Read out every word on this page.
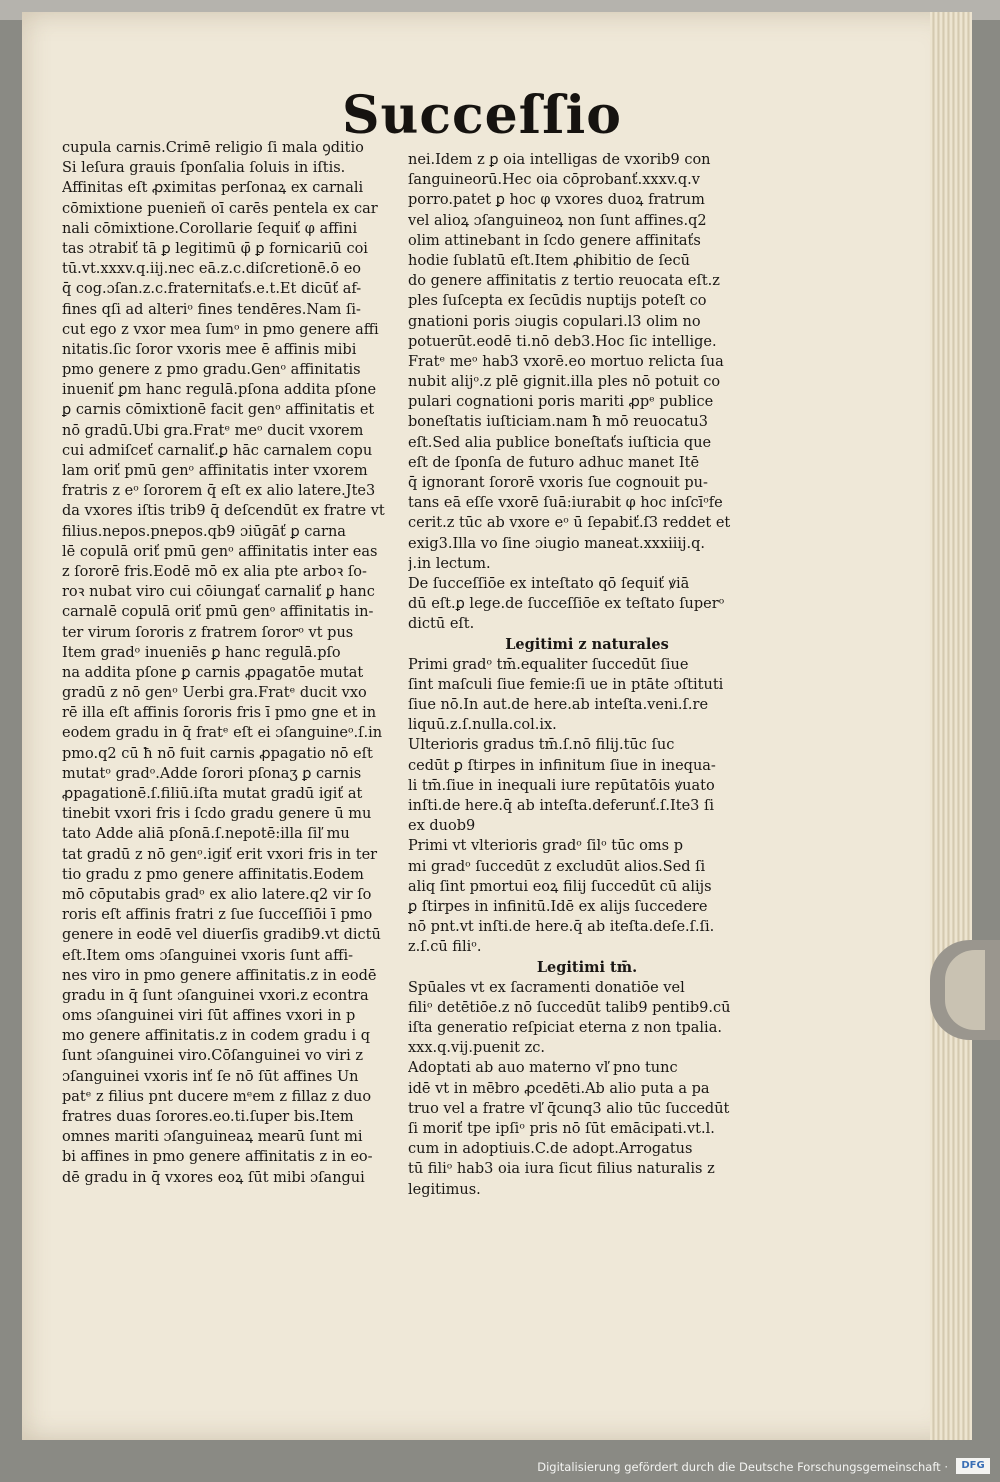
Succeſſio
cupula carnis.Crimē religio ſi mala ꝯditio
Si leſura grauis ſponſalia ſoluis in iſtis.
Affinitas eſt ꝓximitas perſonaꝝ ex carnali
cōmixtione puenieñ oī carēs pentela ex car
nali cōmixtione.Corollarie ſequiť φ affini
tas ɔtrabiť tā ꝑ legitimū φ̄ ꝑ fornicariū coi
tū.vt.xxxv.q.iij.nec eā.z.c.diſcretionē.ō eo
q̄ cog.ɔſan.z.c.fraternitaťs.e.t.Et dicūť af-
fines qſi ad alteriᵒ fines tendēres.Nam ſi-
cut ego z vxor mea ſumᵒ in pmo genere affi
nitatis.ſic ſoror vxoris mee ē affinis mibi
pmo genere z pmo gradu.Genᵒ affinitatis
inueniť ꝑm hanc regulā.pſona addita pſone
ꝑ carnis cōmixtionē facit genᵒ affinitatis et
nō gradū.Ubi gra.Fratᵉ meᵒ ducit vxorem
cui admiſceť carnaliť.ꝑ hāc carnalem copu
lam oriť pmū genᵒ affinitatis inter vxorem
fratris z eᵒ ſororem q̄ eſt ex alio latere.Jte3
da vxores iſtis trib9 q̄ deſcendūt ex fratre vt
filius.nepos.pnepos.qb9 ɔiūgāť ꝑ carna
lē copulā oriť pmū genᵒ affinitatis inter eas
z ſororē fris.Eodē mō ex alia pte arboꝛ ſo-
roꝛ nubat viro cui cōiungať carnaliť ꝑ hanc
carnalē copulā oriť pmū genᵒ affinitatis in-
ter virum ſororis z fratrem ſororᵒ vt pus
Item gradᵒ inueniēs ꝑ hanc regulā.pſo
na addita pſone ꝑ carnis ꝓpagatōe mutat
gradū z nō genᵒ Uerbi gra.Fratᵉ ducit vxo
rē illa eſt affinis ſororis fris ī pmo gne et in
eodem gradu in q̄ fratᵉ eſt ei ɔſanguineᵒ.ſ.in
pmo.q2 cū ħ nō fuit carnis ꝓpagatio nō eſt
mutatᵒ gradᵒ.Adde ſorori pſonaʒ ꝑ carnis
ꝓpagationē.ſ.filiū.iſta mutat gradū igiť at
tinebit vxori fris i ſcdo gradu genere ū mu
tato Adde aliā pſonā.ſ.nepotē:illa ſiľ mu
tat gradū z nō genᵒ.igiť erit vxori fris in ter
tio gradu z pmo genere affinitatis.Eodem
mō cōputabis gradᵒ ex alio latere.q2 vir ſo
roris eſt affinis fratri z ſue ſucceſſiōi ī pmo
genere in eodē vel diuerſis gradib9.vt dictū
eſt.Item oms ɔſanguinei vxoris ſunt affi-
nes viro in pmo genere affinitatis.z in eodē
gradu in q̄ ſunt ɔſanguinei vxori.z econtra
oms ɔſanguinei viri ſūt affines vxori in p
mo genere affinitatis.z in codem gradu i q
ſunt ɔſanguinei viro.Cōſanguinei vo viri z
ɔſanguinei vxoris inť ſe nō ſūt affines Un
patᵉ z filius pnt ducere mᵉem z fillaz z duo
fratres duas ſorores.eo.ti.ſuper bis.Item
omnes mariti ɔſanguineaꝝ mearū ſunt mi
bi affines in pmo genere affinitatis z in eo-
dē gradu in q̄ vxores eoꝝ ſūt mibi ɔſangui
nei.Idem z ꝑ oia intelligas de vxorib9 con
ſanguineorū.Hec oia cōprobanť.xxxv.q.v
porro.patet ꝑ hoc φ vxores duoꝝ fratrum
vel alioꝝ ɔſanguineoꝝ non ſunt affines.q2
olim attinebant in ſcdo genere affinitaťs
hodie ſublatū eſt.Item ꝓhibitio de ſecū
do genere affinitatis z tertio reuocata eſt.z
ples ſuſcepta ex ſecūdis nuptijs poteſt co
gnationi poris ɔiugis copulari.l3 olim no
potuerūt.eodē ti.nō deb3.Hoc ſic intellige.
Fratᵉ meᵒ hab3 vxorē.eo mortuo relicta ſua
nubit alijᵒ.z plē gignit.illa ples nō potuit co
pulari cognationi poris mariti ꝓpᵉ publice
boneſtatis iuſticiam.nam ħ mō reuocatu3
eſt.Sed alia publice boneſtaťs iuſticia que
eſt de ſponſa de futuro adhuc manet Itē
q̄ ignorant ſororē vxoris ſue cognouit pu-
tans eā eſſe vxorē ſuā:iurabit φ hoc inſcīᵒfe
cerit.z tūc ab vxore eᵒ ū ſepabiť.ſ3 reddet et
exig3.Illa vo ſine ɔiugio maneat.xxxiiij.q.
j.in lectum.
De ſucceſſiōe ex inteſtato qō ſequiť ꝟiā
dū eſt.ꝑ lege.de ſucceſſiōe ex teſtato ſuperᵒ
dictū eſt.
Legitimi z naturales
Primi gradᵒ tm̄.equaliter ſuccedūt ſiue
ſint maſculi ſiue femie:ſi ue in ptāte ɔſtituti
ſiue nō.In aut.de here.ab inteſta.veni.ſ.re
liquū.z.ſ.nulla.col.ix.
Ulterioris gradus tm̄.ſ.nō filij.tūc ſuc
cedūt ꝑ ſtirpes in infinitum ſiue in inequa-
li tm̄.ſiue in inequali iure repūtatōis ꝟuato
inſti.de here.q̄ ab inteſta.deferunť.ſ.Ite3 ſi
ex duob9
Primi vt vlterioris gradᵒ ſilᵒ tūc oms p
mi gradᵒ ſuccedūt z excludūt alios.Sed ſi
aliq ſint pmortui eoꝝ filij ſuccedūt cū alijs
ꝑ ſtirpes in infinitū.Idē ex alijs ſuccedere
nō pnt.vt inſti.de here.q̄ ab iteſta.deſe.ſ.ſi.
z.ſ.cū filiᵒ.
Legitimi tm̄.
Spūales vt ex ſacramenti donatiōe vel
filiᵒ detētiōe.z nō ſuccedūt talib9 pentib9.cū
iſta generatio reſpiciat eterna z non tpalia.
xxx.q.vij.puenit zc.
Adoptati ab auo materno vľ pno tunc
idē vt in mēbro ꝓcedēti.Ab alio puta a pa
truo vel a fratre vľ q̄cunq3 alio tūc ſuccedūt
ſi moriť tpe ipſiᵒ pris nō ſūt emācipati.vt.l.
cum in adoptiuis.C.de adopt.Arrogatus
tū filiᵒ hab3 oia iura ſicut filius naturalis z
legitimus.
Digitalisierung gefördert durch die Deutsche Forschungsgemeinschaft ·	DFG
